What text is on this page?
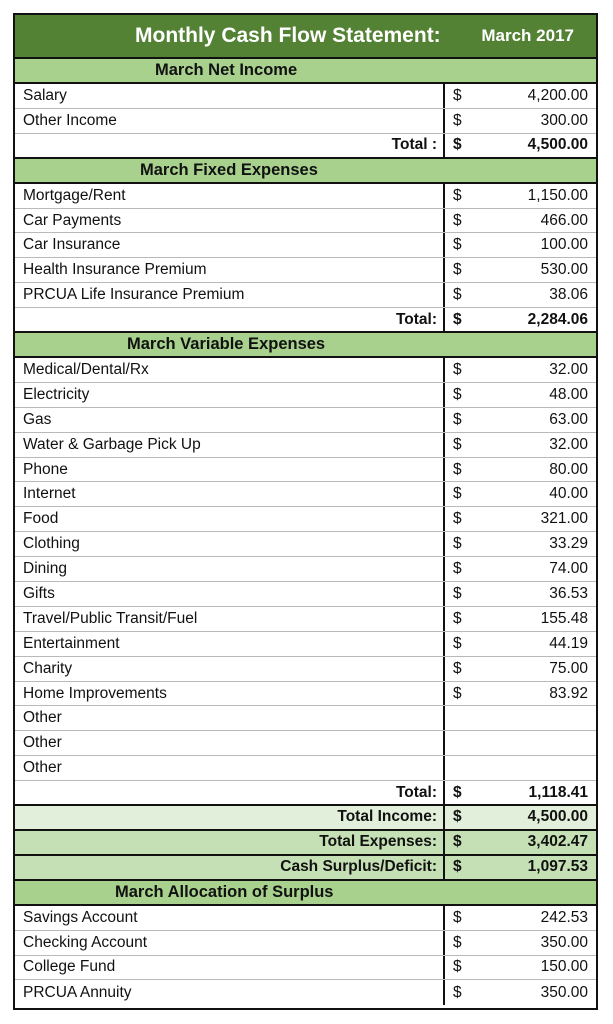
Monthly Cash Flow Statement: March 2017
March Net Income
Salary	$	4,200.00
Other Income	$	300.00
Total :	$	4,500.00
March Fixed Expenses
Mortgage/Rent	$	1,150.00
Car Payments	$	466.00
Car Insurance	$	100.00
Health Insurance Premium	$	530.00
PRCUA Life Insurance Premium	$	38.06
Total:	$	2,284.06
March Variable Expenses
Medical/Dental/Rx	$	32.00
Electricity	$	48.00
Gas	$	63.00
Water & Garbage Pick Up	$	32.00
Phone	$	80.00
Internet	$	40.00
Food	$	321.00
Clothing	$	33.29
Dining	$	74.00
Gifts	$	36.53
Travel/Public Transit/Fuel	$	155.48
Entertainment	$	44.19
Charity	$	75.00
Home Improvements	$	83.92
Other
Other
Other
Total:	$	1,118.41
Total Income:	$	4,500.00
Total Expenses:	$	3,402.47
Cash Surplus/Deficit:	$	1,097.53
March Allocation of Surplus
Savings Account	$	242.53
Checking Account	$	350.00
College Fund	$	150.00
PRCUA Annuity	$	350.00
